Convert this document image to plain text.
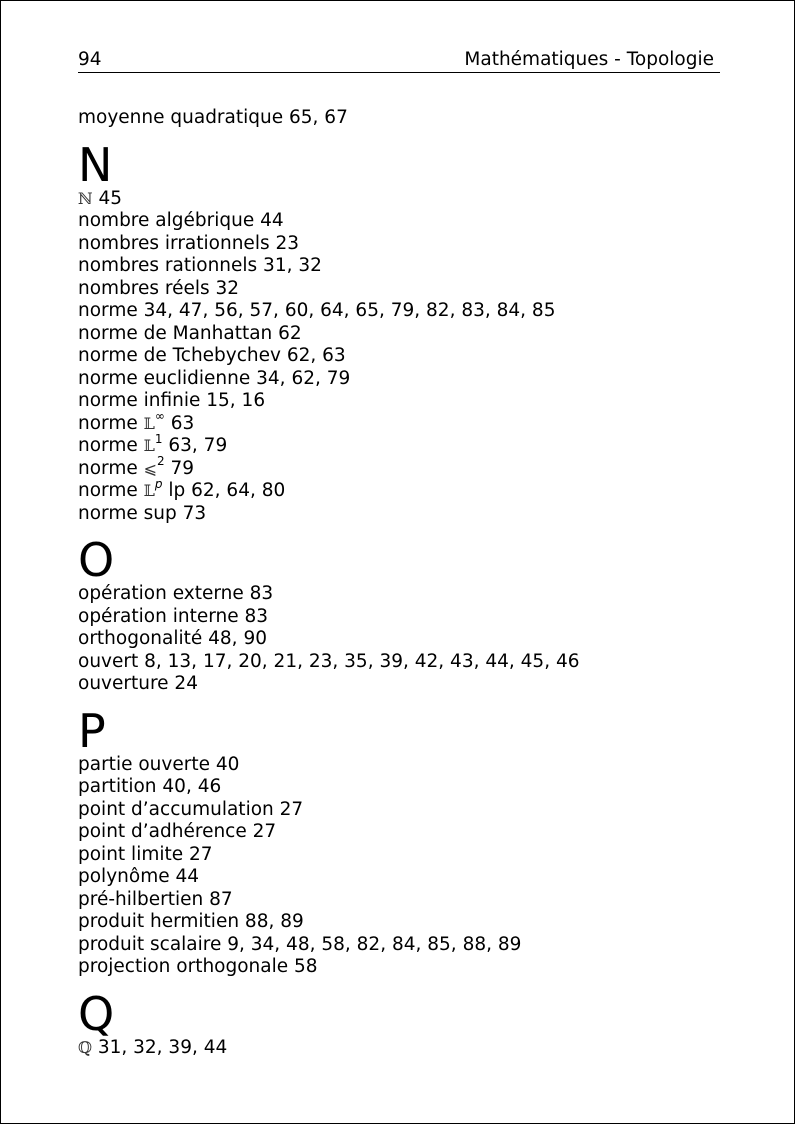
94	Mathématiques - Topologie
moyenne quadratique 65, 67
N
ℕ 45
nombre algébrique 44
nombres irrationnels 23
nombres rationnels 31, 32
nombres réels 32
norme 34, 47, 56, 57, 60, 64, 65, 79, 82, 83, 84, 85
norme de Manhattan 62
norme de Tchebychev 62, 63
norme euclidienne 34, 62, 79
norme infinie 15, 16
norme 𝕃∞ 63
norme 𝕃$^1$ 63, 79
norme ⩽$^2$ 79
norme 𝕃$^p$ lp 62, 64, 80
norme sup 73
O
opération externe 83
opération interne 83
orthogonalité 48, 90
ouvert 8, 13, 17, 20, 21, 23, 35, 39, 42, 43, 44, 45, 46
ouverture 24
P
partie ouverte 40
partition 40, 46
point d’accumulation 27
point d’adhérence 27
point limite 27
polynôme 44
pré-hilbertien 87
produit hermitien 88, 89
produit scalaire 9, 34, 48, 58, 82, 84, 85, 88, 89
projection orthogonale 58
Q
ℚ 31, 32, 39, 44
